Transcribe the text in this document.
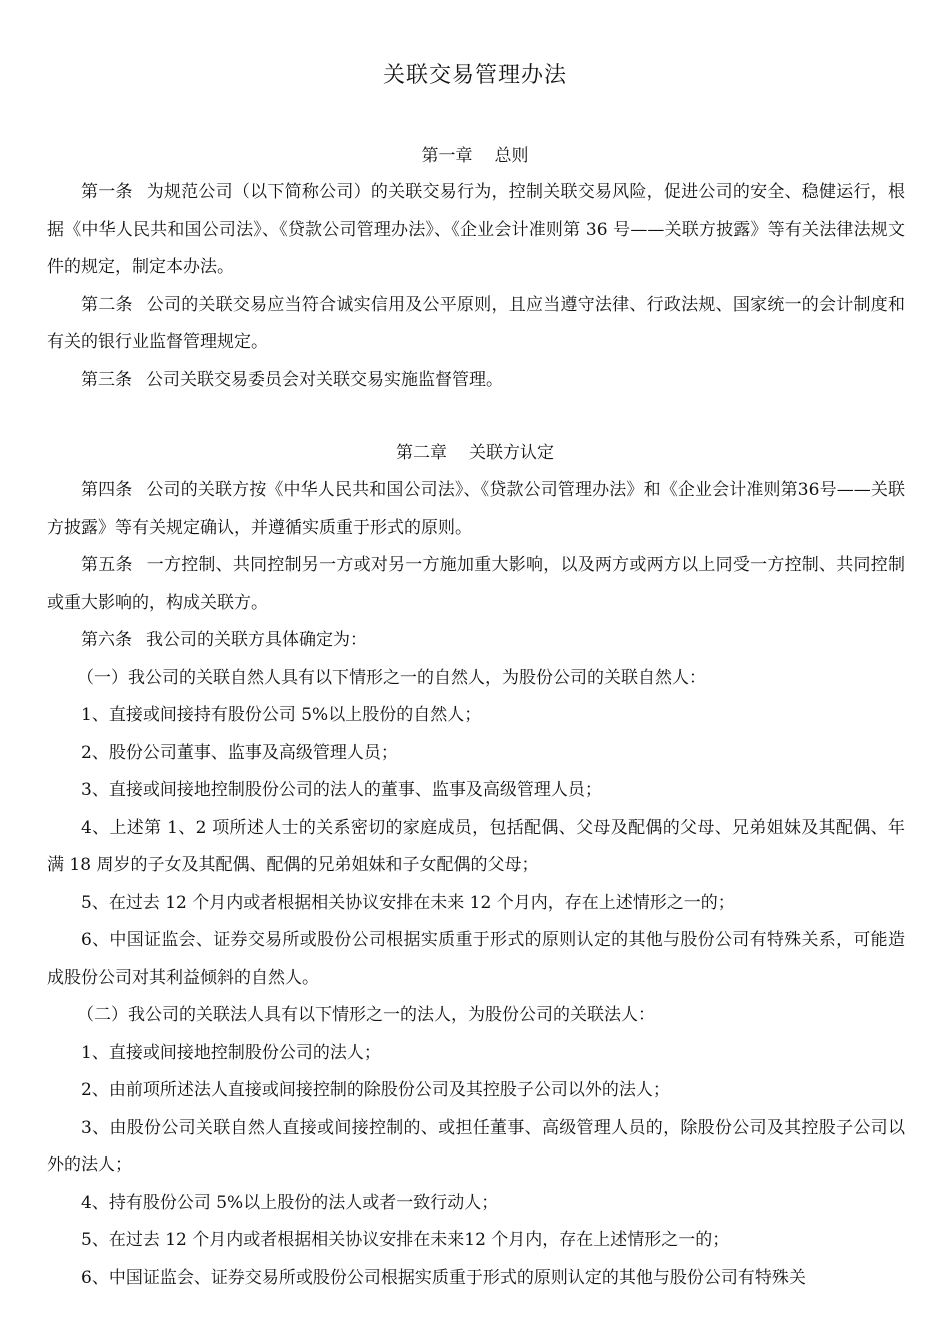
关联交易管理办法
第一章 总则

第一条 为规范公司（以下简称公司）的关联交易行为，控制关联交易风险，促进公司的安全、稳健运行，根据《中华人民共和国公司法》、《贷款公司管理办法》、《企业会计准则第 36 号——关联方披露》等有关法律法规文件的规定，制定本办法。

第二条 公司的关联交易应当符合诚实信用及公平原则，且应当遵守法律、行政法规、国家统一的会计制度和有关的银行业监督管理规定。

第三条 公司关联交易委员会对关联交易实施监督管理。

第二章 关联方认定

第四条 公司的关联方按《中华人民共和国公司法》、《贷款公司管理办法》和《企业会计准则第36号——关联方披露》等有关规定确认，并遵循实质重于形式的原则。

第五条 一方控制、共同控制另一方或对另一方施加重大影响，以及两方或两方以上同受一方控制、共同控制或重大影响的，构成关联方。

第六条 我公司的关联方具体确定为：

（一）我公司的关联自然人具有以下情形之一的自然人，为股份公司的关联自然人：

1、直接或间接持有股份公司 5%以上股份的自然人；

2、股份公司董事、监事及高级管理人员；

3、直接或间接地控制股份公司的法人的董事、监事及高级管理人员；

4、上述第 1、2 项所述人士的关系密切的家庭成员，包括配偶、父母及配偶的父母、兄弟姐妹及其配偶、年满 18 周岁的子女及其配偶、配偶的兄弟姐妹和子女配偶的父母；

5、在过去 12 个月内或者根据相关协议安排在未来 12 个月内，存在上述情形之一的；

6、中国证监会、证券交易所或股份公司根据实质重于形式的原则认定的其他与股份公司有特殊关系，可能造成股份公司对其利益倾斜的自然人。

（二）我公司的关联法人具有以下情形之一的法人，为股份公司的关联法人：

1、直接或间接地控制股份公司的法人；

2、由前项所述法人直接或间接控制的除股份公司及其控股子公司以外的法人；

3、由股份公司关联自然人直接或间接控制的、或担任董事、高级管理人员的，除股份公司及其控股子公司以外的法人；

4、持有股份公司 5%以上股份的法人或者一致行动人；

5、在过去 12 个月内或者根据相关协议安排在未来12 个月内，存在上述情形之一的；

6、中国证监会、证券交易所或股份公司根据实质重于形式的原则认定的其他与股份公司有特殊关
